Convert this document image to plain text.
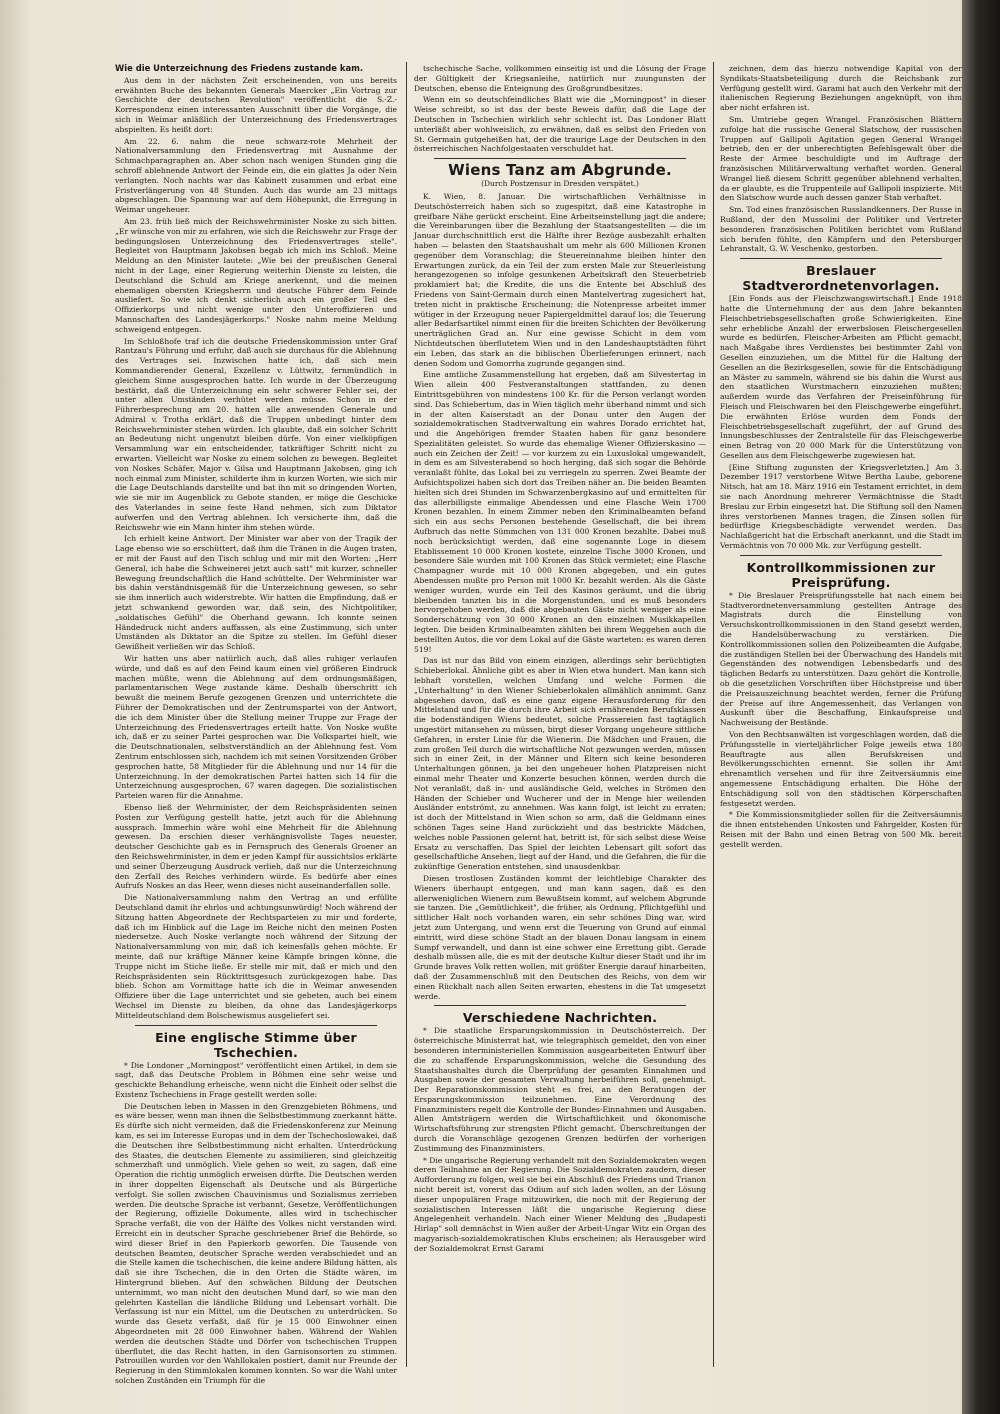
Wie die Unterzeichnung des Friedens zustande kam.

Aus dem in der nächsten Zeit erscheinenden, von uns bereits erwähnten Buche des bekannten Generals Maercker „Ein Vortrag zur Geschichte der deutschen Revolution" veröffentlicht die S.-Z.-Korrespondenz einen interessanten Ausschnitt über die Vorgänge, die sich in Weimar anläßlich der Unterzeichnung des Friedensvertrages abspielten. Es heißt dort:

Am 22. 6. nahm die neue schwarz-rote Mehrheit der Nationalversammlung den Friedensvertrag mit Ausnahme der Schmachparagraphen an. Aber schon nach wenigen Stunden ging die schroff ablehnende Antwort der Feinde ein, die ein glattes Ja oder Nein verlangten. Noch nachts war das Kabinett zusammen und erbat eine Fristverlängerung von 48 Stunden. Auch das wurde am 23 mittags abgeschlagen. Die Spannung war auf dem Höhepunkt, die Erregung in Weimar ungeheuer.

Am 23. früh ließ mich der Reichswehrminister Noske zu sich bitten. „Er wünsche von mir zu erfahren, wie sich die Reichswehr zur Frage der bedingungslosen Unterzeichnung des Friedensvertrages stelle". Begleitet von Hauptmann Jakobsen begab ich mich ins Schloß. Meine Meldung an den Minister lautete: „Wie bei der preußischen General nicht in der Lage, einer Regierung weiterhin Dienste zu leisten, die Deutschland die Schuld am Kriege anerkennt, und die meinen ehemaligen obersten Kriegsherrn und deutsche Führer dem Feinde ausliefert. So wie ich denkt sicherlich auch ein großer Teil des Offizierkorps und nicht wenige unter den Unteroffizieren und Mannschaften des Landesjägerkorps." Noske nahm meine Meldung schweigend entgegen.

Im Schloßhofe traf ich die deutsche Friedenskommission unter Graf Rantzau's Führung und erfuhr, daß auch sie durchaus für die Ablehnung des Vertrages sei. Inzwischen hatte ich, daß sich mein Kommandierender General, Exzellenz v. Lüttwitz, fernmündlich in gleichem Sinne ausgesprochen hatte. Ich wurde in der Überzeugung bestärkt, daß die Unterzeichnung ein sehr schwerer Fehler sei, der unter allen Umständen verhütet werden müsse. Schon in der Führerbesprechung am 20. hatten alle anwesenden Generale und Admiral v. Trotha erklärt, daß die Truppen unbedingt hinter dem Reichswehrminister stehen würden. Ich glaubte, daß ein solcher Schritt an Bedeutung nicht ungenutzt bleiben dürfe. Von einer vielköpfigen Versammlung war ein entscheidender, tatkräftiger Schritt nicht zu erwarten. Vielleicht war Noske zu einem solchen zu bewegen. Begleitet von Noskes Schäfer, Major v. Gilsa und Hauptmann Jakobsen, ging ich noch einmal zum Minister, schilderte ihm in kurzen Worten, wie sich mir die Lage Deutschlands darstellte und bat ihn mit so dringenden Worten, wie sie mir im Augenblick zu Gebote standen, er möge die Geschicke des Vaterlandes in seine feste Hand nehmen, sich zum Diktator aufwerfen und den Vertrag ablehnen. Ich versicherte ihm, daß die Reichswehr wie ein Mann hinter ihm stehen würde.

Ich erhielt keine Antwort. Der Minister war aber von der Tragik der Lage ebenso wie so erschüttert, daß ihm die Tränen in die Augen traten, er mit der Faust auf den Tisch schlug und mir mit den Worten: „Herr General, ich habe die Schweinerei jetzt auch satt" mit kurzer, schneller Bewegung freundschaftlich die Hand schüttelte. Der Wehrminister war bis dahin verständnisgemäß für die Unterzeichnung gewesen, so sehr sie ihm innerlich auch widerstrebte. Wir hatten die Empfindung, daß er jetzt schwankend geworden war, daß sein, des Nichtpolitiker, „soldatisches Gefühl" die Oberhand gewann. Ich konnte seinen Händedruck nicht anders auffassen, als eine Zustimmung, sich unter Umständen als Diktator an die Spitze zu stellen. Im Gefühl dieser Gewißheit verließen wir das Schloß.

Wir hatten uns aber natürlich auch, daß alles ruhiger verlaufen würde, und daß es auf den Feind kaum einen viel größeren Eindruck machen müßte, wenn die Ablehnung auf dem ordnungsmäßigen, parlamentarischen Wege zustande käme. Deshalb überschritt ich bewußt die meinem Berufe gezogenen Grenzen und unterrichtete die Führer der Demokratischen und der Zentrumspartei von der Antwort, die ich dem Minister über die Stellung meiner Truppe zur Frage der Unterzeichnung des Friedensvertrages erteilt hatte. Von Noske wußte ich, daß er zu seiner Partei gesprochen war. Die Volkspartei hielt, wie die Deutschnationalen, selbstverständlich an der Ablehnung fest. Vom Zentrum entschlossen sich, nachdem ich mit seinen Vorsitzenden Gröber gesprochen hatte, 58 Mitglieder für die Ablehnung und nur 14 für die Unterzeichnung. In der demokratischen Partei hatten sich 14 für die Unterzeichnung ausgesprochen, 67 waren dagegen. Die sozialistischen Parteien waren für die Annahme.

Ebenso ließ der Wehrminister, der dem Reichspräsidenten seinen Posten zur Verfügung gestellt hatte, jetzt auch für die Ablehnung aussprach. Immerhin wäre wohl eine Mehrheit für die Ablehnung gewesen. Da erschien dieser verhängnisvollste Tages neuester, deutscher Geschichte gab es in Fernspruch des Generals Groener an den Reichswehrminister, in dem er jeden Kampf für aussichtslos erklärte und seiner Überzeugung Ausdruck verlieh, daß nur die Unterzeichnung den Zerfall des Reiches verhindern würde. Es bedürfe aber eines Aufrufs Noskes an das Heer, wenn dieses nicht auseinanderfallen solle.

Die Nationalversammlung nahm den Vertrag an und erfüllte Deutschland damit ihr ehrlos und achtungsunwürdig! Noch während der Sitzung hatten Abgeordnete der Rechtsparteien zu mir und forderte, daß ich im Hinblick auf die Lage im Reiche nicht den meinen Posten niedersetze. Auch Noske verlangte noch während der Sitzung der Nationalversammlung von mir, daß ich keinesfalls gehen möchte. Er meinte, daß nur kräftige Männer keine Kämpfe bringen könne, die Truppe nicht im Stiche ließe. Er stelle mir mit, daß er mich und den Reichspräsidenten sein Rücktrittsgesuch zurückgezogen habe. Das blieb. Schon am Vormittage hatte ich die in Weimar anwesenden Offiziere über die Lage unterrichtet und sie gebeten, auch bei einem Wechsel im Dienste zu bleiben, da ohne das Landesjägerkorps Mitteldeutschland dem Bolschewismus ausgeliefert sei.

Eine englische Stimme über Tschechien.

* Die Londoner „Morningpost" veröffentlicht einen Artikel, in dem sie sagt, daß das Deutsche Problem in Böhmen eine sehr weise und geschickte Behandlung erheische, wenn nicht die Einheit oder selbst die Existenz Tschechiens in Frage gestellt werden solle:

Die Deutschen leben in Massen in den Grenzgebieten Böhmens, und es wäre besser, wenn man ihnen die Selbstbestimmung zuerkannt hätte. Es dürfte sich nicht vermeiden, daß die Friedenskonferenz zur Meinung kam, es sei im Interesse Europas und in dem der Tschechoslowakei, daß die Deutschen ihre Selbstbestimmung nicht erhalten. Unterdrückung des Staates, die deutschen Elemente zu assimilieren, sind gleichzeitig schmerzhaft und unmöglich. Viele gehen so weit, zu sagen, daß eine Operation die richtig unmöglich erweisen dürfte. Die Deutschen werden in ihrer doppelten Eigenschaft als Deutsche und als Bürgerliche verfolgt. Sie sollen zwischen Chauvinismus und Sozialismus zerrieben werden. Die deutsche Sprache ist verbannt, Gesetze, Veröffentlichungen der Regierung, offizielle Dokumente, alles wird in tschechischer Sprache verfaßt, die von der Hälfte des Volkes nicht verstanden wird. Erreicht ein in deutscher Sprache geschriebener Brief die Behörde, so wird dieser Brief in den Papierkorb geworfen. Die Tausende von deutschen Beamten, deutscher Sprache werden verabschiedet und an die Stelle kamen die tschechischen, die keine andere Bildung hätten, als daß sie ihre Tschechen, die in den Orten die Städte wären, im Hintergrund blieben. Auf den schwächen Bildung der Deutschen unternimmt, wo man nicht den deutschen Mund darf, so wie man den gelehrten Kastellan die ländliche Bildung und Lebensart vorhält. Die Verfassung ist nur ein Mittel, um die Deutschen zu unterdrücken. So wurde das Gesetz verfaßt, daß für je 15 000 Einwohner einen Abgeordneten mit 28 000 Einwohner haben. Während der Wahlen werden die deutschen Städte und Dörfer von tschechischen Truppen überflutet, die das Recht hatten, in den Garnisonsorten zu stimmen. Patrouillen wurden vor den Wahllokalen postiert, damit nur Freunde der Regierung in den Stimmlokalen kommen konnten. So war die Wahl unter solchen Zuständen ein Triumph für die

tschechische Sache, vollkommen einseitig ist und die Lösung der Frage der Gültigkeit der Kriegsanleihe, natürlich nur zuungunsten der Deutschen, ebenso die Enteignung des Großgrundbesitzes.

Wenn ein so deutschfeindliches Blatt wie die „Morningpost" in dieser Weise schreibt, so ist das der beste Beweis dafür, daß die Lage der Deutschen in Tschechien wirklich sehr schlecht ist. Das Londoner Blatt unterläßt aber wohlweislich, zu erwähnen, daß es selbst den Frieden von St. Germain gutgeheißen hat, der die traurige Lage der Deutschen in den österreichischen Nachfolgestaaten verschuldet hat.

Wiens Tanz am Abgrunde.

(Durch Postzensur in Dresden verspätet.)

K. Wien, 8. Januar. Die wirtschaftlichen Verhältnisse in Deutschösterreich haben sich so zugespitzt, daß eine Katastrophe in greifbare Nähe gerückt erscheint. Eine Arbeitseinstellung jagt die andere; die Vereinbarungen über die Bezahlung der Staatsangestellten — die im Januar durchschnittlich erst die Hälfte ihrer Bezüge ausbezahlt erhalten haben — belasten den Staatshaushalt um mehr als 600 Millionen Kronen gegenüber dem Voranschlag; die Steuereinnahme bleiben hinter den Erwartungen zurück, da ein Teil der zum ersten Male zur Steuerleistung herangezogenen so infolge gesunkenen Arbeitskraft den Steuerbetrieb proklamiert hat; die Kredite, die uns die Entente bei Abschluß des Friedens von Saint-Germain durch einen Mantelvertrag zugesichert hat, treten nicht in praktische Erscheinung; die Notenpresse arbeitet immer wütiger in der Erzeugung neuer Papiergeldmittel darauf los; die Teuerung aller Bedarfsartikel nimmt einen für die breiten Schichten der Bevölkerung unerträglichen Grad an. Nur eine gewisse Schicht in dem vom Nichtdeutschen überflutetem Wien und in den Landeshauptstädten führt ein Leben, das stark an die biblischen Überlieferungen erinnert, nach denen Sodom und Gomorrha zugrunde gegangen sind.

Eine amtliche Zusammenstellung hat ergeben, daß am Silvestertag in Wien allein 400 Festveranstaltungen stattfanden, zu denen Eintrittsgebühren von mindestens 100 Kr. für die Person verlangt worden sind. Das Schiebertum, das in Wien täglich mehr überhand nimmt und sich in der alten Kaiserstadt an der Donau unter den Augen der sozialdemokratischen Stadtverwaltung ein wahres Dorado errichtet hat, und die Angehörigen fremder Staaten haben für ganz besondere Spezialitäten geleistet. So wurde das ehemalige Wiener Offizierskasino — auch ein Zeichen der Zeit! — vor kurzem zu ein Luxuslokal umgewandelt, in dem es am Silvesterabend so hoch herging, daß sich sogar die Behörde veranlaßt fühlte, das Lokal bei zu verriegeln zu sperren. Zwei Beamte der Aufsichtspolizei haben sich dort das Treiben näher an. Die beiden Beamten hielten sich drei Stunden im Schwarzenbergkasino auf und ermittelten für das allerbilligste einmalige Abendessen und eine Flasche Wein 1700 Kronen bezahlen. In einem Zimmer neben den Kriminalbeamten befand sich ein aus sechs Personen bestehende Gesellschaft, die bei ihrem Aufbruch das nette Sümmchen von 131 000 Kronen bezahlte. Dabei muß noch berücksichtigt werden, daß eine sogenannte Loge in diesem Etablissement 10 000 Kronen kostete, einzelne Tische 3000 Kronen, und besondere Säle wurden mit 100 Kronen das Stück vermietet; eine Flasche Champagner wurde mit 10 000 Kronen abgegeben, und ein gutes Abendessen mußte pro Person mit 1000 Kr. bezahlt werden. Als die Gäste weniger wurden, wurde ein Teil des Kasinos geräumt, und die übrig bleibenden tanzten bis in die Morgenstunden, und es muß besonders hervorgehoben werden, daß die abgebauten Gäste nicht weniger als eine Sonderschätzung von 30 000 Kronen an den einzelnen Musikkapellen legten. Die beiden Kriminalbeamten zählten bei ihrem Weggehen auch die bestellten Autos, die vor dem Lokal auf die Gäste warteten: es waren deren 519!

Das ist nur das Bild von einem einzigen, allerdings sehr berüchtigten Schieberlokal. Ähnliche gibt es aber in Wien etwa hundert. Man kann sich lebhaft vorstellen, welchen Umfang und welche Formen die „Unterhaltung" in den Wiener Schieberlokalen allmählich annimmt. Ganz abgesehen davon, daß es eine ganz eigene Herausforderung für den Mittelstand und für die durch ihre Arbeit sich ernährenden Berufsklassen die bodenständigen Wiens bedeutet, solche Prassereien fast tagtäglich ungestört mitansehen zu müssen, birgt dieser Vorgang ungeheure sittliche Gefahren, in erster Linie für die Wienerin. Die Mädchen und Frauen, die zum großen Teil durch die wirtschaftliche Not gezwungen werden, müssen sich in einer Zeit, in der Männer und Eltern sich keine besonderen Unterhaltungen gönnen, ja bei den ungeheuer hohen Platzpreisen nicht einmal mehr Theater und Konzerte besuchen können, werden durch die Not veranlaßt, daß in- und ausländische Geld, welches in Strömen den Händen der Schieber und Wucherer und der in Menge hier weilenden Ausländer entströmt, zu annehmen. Was kann folgt, ist leicht zu erraten; ist doch der Mittelstand in Wien schon so arm, daß die Geldmann eines schönen Tages seine Hand zurückzieht und das bestrickte Mädchen, welches noble Passionen gelernt hat, betritt ist, für sich selbst diese Weise Ersatz zu verschaffen. Das Spiel der leichten Lebensart gilt sofort das gesellschaftliche Ansehen, liegt auf der Hand, und die Gefahren, die für die zukünftige Generation entstehen, sind unausdenkbar.

Diesen trostlosen Zuständen kommt der leichtlebige Charakter des Wieners überhaupt entgegen, und man kann sagen, daß es den allerweniglichen Wienern zum Bewußtsein kommt, auf welchem Abgrunde sie tanzen. Die „Gemütlichkeit", die früher, als Ordnung, Pflichtgefühl und sittlicher Halt noch vorhanden waren, ein sehr schönes Ding war, wird jetzt zum Untergang, und wenn erst die Teuerung von Grund auf einmal eintritt, wird diese schöne Stadt an der blauen Donau langsam in einem Sumpf verwandelt, und dann ist eine schwer eine Errettung gibt. Gerade deshalb müssen alle, die es mit der deutsche Kultur dieser Stadt und ihr im Grunde braves Volk retten wollen, mit größter Energie darauf hinarbeiten, daß der Zusammenschluß mit den Deutschen des Reichs, von dem wir einen Rückhalt nach allen Seiten erwarten, ehestens in die Tat umgesetzt werde.

Verschiedene Nachrichten.

* Die staatliche Ersparungskommission in Deutschösterreich. Der österreichische Ministerrat hat, wie telegraphisch gemeldet, den von einer besonderen interministeriellen Kommission ausgearbeiteten Entwurf über die zu schaffende Ersparungskommission, welche die Gesundung des Staatshaushaltes durch die Überprüfung der gesamten Einnahmen und Ausgaben sowie der gesamten Verwaltung herbeiführen soll, genehmigt. Der Reparationskommission steht es frei, an den Beratungen der Ersparungskommission teilzunehmen. Eine Verordnung des Finanzministers regelt die Kontrolle der Bundes-Einnahmen und Ausgaben. Allen Amtsträgern werden die Wirtschaftlichkeit und ökonomische Wirtschaftsführung zur strengsten Pflicht gemacht. Überschreitungen der durch die Voranschläge gezogenen Grenzen bedürfen der vorherigen Zustimmung des Finanzministers.

* Die ungarische Regierung verhandelt mit den Sozialdemokraten wegen deren Teilnahme an der Regierung. Die Sozialdemokraten zaudern, dieser Aufforderung zu folgen, weil sie bei ein Abschluß des Friedens und Trianon nicht bereit ist, vorerst das Odium auf sich laden wollen, an der Lösung dieser unpopulären Frage mitzuwirken, die noch mit der Regierung der sozialistischen Interessen läßt die ungarische Regierung diese Angelegenheit verhandeln. Nach einer Wiener Meldung des „Budapesti Hirlap" soll demnächst in Wien außer der Arbeit-Ungar Witz ein Organ des magyarisch-sozialdemokratischen Klubs erscheinen; als Herausgeber wird der Sozialdemokrat Ernst Garami

zeichnen, dem das hierzu notwendige Kapital von der Syndikats-Staatsbeteiligung durch die Reichsbank zur Verfügung gestellt wird. Garami hat auch den Verkehr mit der italienischen Regierung Beziehungen angeknüpft, von ihm aber nicht erfahren ist.

Sm. Umtriebe gegen Wrangel. Französischen Blättern zufolge hat die russische General Slatschow, der russischen Truppen auf Gallipoli Agitation gegen General Wrangel betrieb, den er der unberechtigten Befehlsgewalt über die Reste der Armee beschuldigte und im Auftrage der französischen Militärverwaltung verhaftet worden. General Wrangel ließ diesem Schritt gegenüber ablehnend verhalten, da er glaubte, es die Truppenteile auf Gallipoli inspizierte. Mit den Slatschow wurde auch dessen ganzer Stab verhaftet.

Sm. Tod eines französischen Russlandkenners. Der Russe in Rußland, der den Mussolini der Politiker und Vertreter besonderen französischen Politiken berichtet vom Rußland sich berufen fühlte, den Kämpfern und den Petersburger Lehranstalt, G. W. Veschenko, gestorben.

Breslauer Stadtverordnetenvorlagen.

[Ein Fonds aus der Fleischzwangswirtschaft.] Ende 1918 hatte die Unternehmung der aus dem Jahre bekannten Fleischbetriebsgesellschaften große Schwierigkeiten. Eine sehr erhebliche Anzahl der erwerbslosen Fleischergesellen wurde es bedürfen, Fleischer-Arbeiten am Pflicht gemacht, nach Maßgabe ihres Verdienstes bei bestimmter Zahl von Gesellen einzuziehen, um die Mittel für die Haltung der Gesellen an die Bezirksgesellen, sowie für die Entschädigung an Mäster zu sammeln, während sie bis dahin die Wurst aus den staatlichen Wurstmachern einzuziehen mußten; außerdem wurde das Verfahren der Preiseinführung für Fleisch und Fleischwaren bei den Fleischgewerbe eingeführt. Die erwähnten Erlöse wurden dem Fonds der Fleischbetriebsgesellschaft zugeführt, der auf Grund des Innungsbeschlusses der Zentralstelle für das Fleischgewerbe einen Betrag von 20 000 Mark für die Unterstützung von Gesellen aus dem Fleischgewerbe zugewiesen hat.

[Eine Stiftung zugunsten der Kriegsverletzten.] Am 3. Dezember 1917 verstorbene Witwe Bertha Laube, geborene Nitsch, hat am 18. März 1916 ein Testament errichtet, in dem sie nach Anordnung mehrerer Vermächtnisse die Stadt Breslau zur Erbin eingesetzt hat. Die Stiftung soll den Namen ihres verstorbenen Mannes tragen, die Zinsen sollen für bedürftige Kriegsbeschädigte verwendet werden. Das Nachlaßgericht hat die Erbschaft anerkannt, und die Stadt im Vermächtnis von 70 000 Mk. zur Verfügung gestellt.

Kontrollkommissionen zur Preisprüfung.

* Die Breslauer Preisprüfungsstelle hat nach einem bei Stadtverordnetenversammlung gestellten Antrage des Magistrats durch die Einstellung von Versuchskontrollkommissionen in den Stand gesetzt werden, die Handelsüberwachung zu verstärken. Die Kontrollkommissionen sollen den Polizeibeamten die Aufgabe, die zuständigen Stellen bei der Überwachung des Handels mit Gegenständen des notwendigen Lebensbedarfs und des täglichen Bedarfs zu unterstützen. Dazu gehört die Kontrolle, ob die gesetzlichen Vorschriften über Höchstpreise und über die Preisauszeichnung beachtet werden, ferner die Prüfung der Preise auf ihre Angemessenheit, das Verlangen von Auskunft über die Beschaffung, Einkaufspreise und Nachweisung der Bestände.

Von den Rechtsanwälten ist vorgeschlagen worden, daß die Prüfungsstelle in vierteljährlicher Folge jeweils etwa 180 Beauftragte aus allen Berufskreisen und Bevölkerungsschichten ernennt. Sie sollen ihr Amt ehrenamtlich versehen und für ihre Zeitversäumnis eine angemessene Entschädigung erhalten. Die Höhe der Entschädigung soll von den städtischen Körperschaften festgesetzt werden.

* Die Kommissionsmitglieder sollen für die Zeitversäumnis die ihnen entstehenden Unkosten und Fahrgelder, Kosten für Reisen mit der Bahn und einen Betrag von 500 Mk. bereit gestellt werden.
